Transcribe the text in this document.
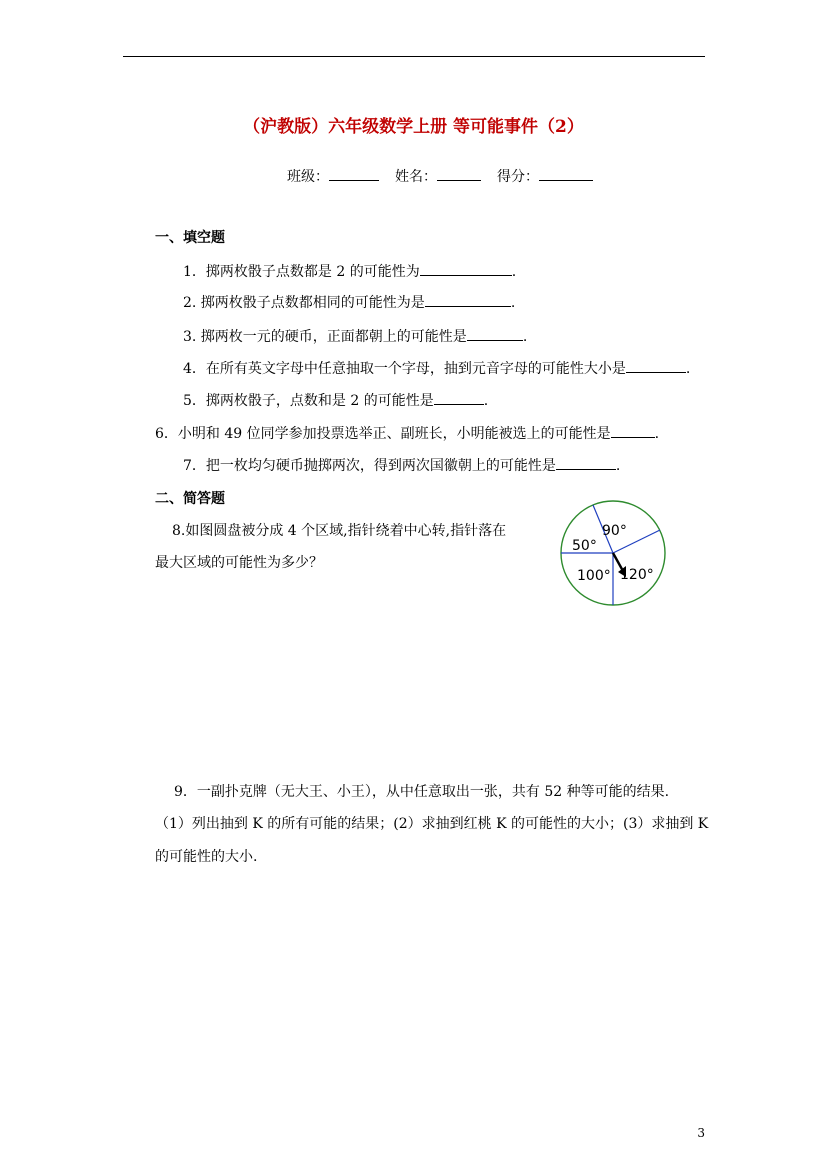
（沪教版）六年级数学上册 等可能事件（2）
班级：	姓名：	得分：
一、填空题
1．掷两枚骰子点数都是 2 的可能性为	.
2. 掷两枚骰子点数都相同的可能性为是	.
3. 掷两枚一元的硬币，正面都朝上的可能性是	.
4．在所有英文字母中任意抽取一个字母，抽到元音字母的可能性大小是	.
5．掷两枚骰子，点数和是 2 的可能性是	.
6．小明和 49 位同学参加投票选举正、副班长，小明能被选上的可能性是	.
7．把一枚均匀硬币抛掷两次，得到两次国徽朝上的可能性是	.
二、简答题
8.如图圆盘被分成 4 个区域,指针绕着中心转,指针落在
最大区域的可能性为多少？
90°
50°
100° 120°
9．一副扑克牌（无大王、小王），从中任意取出一张，共有 52 种等可能的结果.
（1）列出抽到 K 的所有可能的结果；(2）求抽到红桃 K 的可能性的大小；(3）求抽到 K
的可能性的大小.
3
